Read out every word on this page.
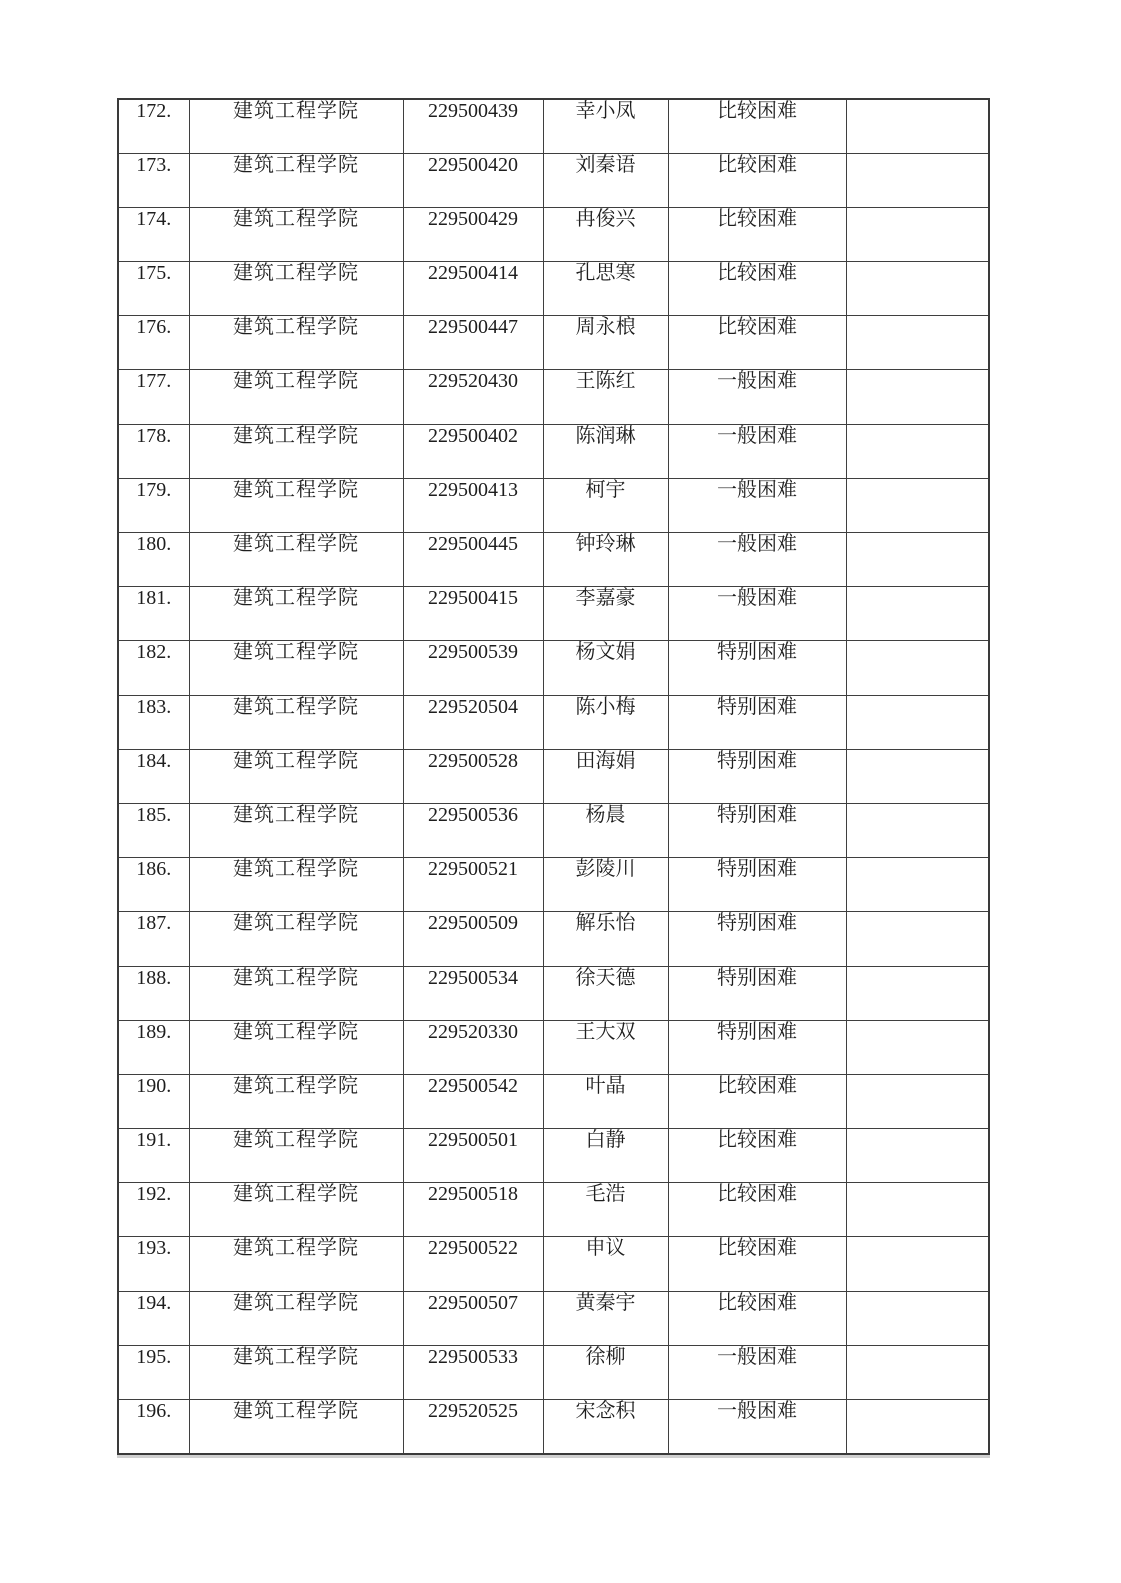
172.	建筑工程学院	229500439	幸小凤	比较困难	
173.	建筑工程学院	229500420	刘秦语	比较困难	
174.	建筑工程学院	229500429	冉俊兴	比较困难	
175.	建筑工程学院	229500414	孔思寒	比较困难	
176.	建筑工程学院	229500447	周永桹	比较困难	
177.	建筑工程学院	229520430	王陈红	一般困难	
178.	建筑工程学院	229500402	陈润琳	一般困难	
179.	建筑工程学院	229500413	柯宇	一般困难	
180.	建筑工程学院	229500445	钟玲琳	一般困难	
181.	建筑工程学院	229500415	李嘉豪	一般困难	
182.	建筑工程学院	229500539	杨文娟	特别困难	
183.	建筑工程学院	229520504	陈小梅	特别困难	
184.	建筑工程学院	229500528	田海娟	特别困难	
185.	建筑工程学院	229500536	杨晨	特别困难	
186.	建筑工程学院	229500521	彭陵川	特别困难	
187.	建筑工程学院	229500509	解乐怡	特别困难	
188.	建筑工程学院	229500534	徐天德	特别困难	
189.	建筑工程学院	229520330	王大双	特别困难	
190.	建筑工程学院	229500542	叶晶	比较困难	
191.	建筑工程学院	229500501	白静	比较困难	
192.	建筑工程学院	229500518	毛浩	比较困难	
193.	建筑工程学院	229500522	申议	比较困难	
194.	建筑工程学院	229500507	黄秦宇	比较困难	
195.	建筑工程学院	229500533	徐柳	一般困难	
196.	建筑工程学院	229520525	宋念积	一般困难	
